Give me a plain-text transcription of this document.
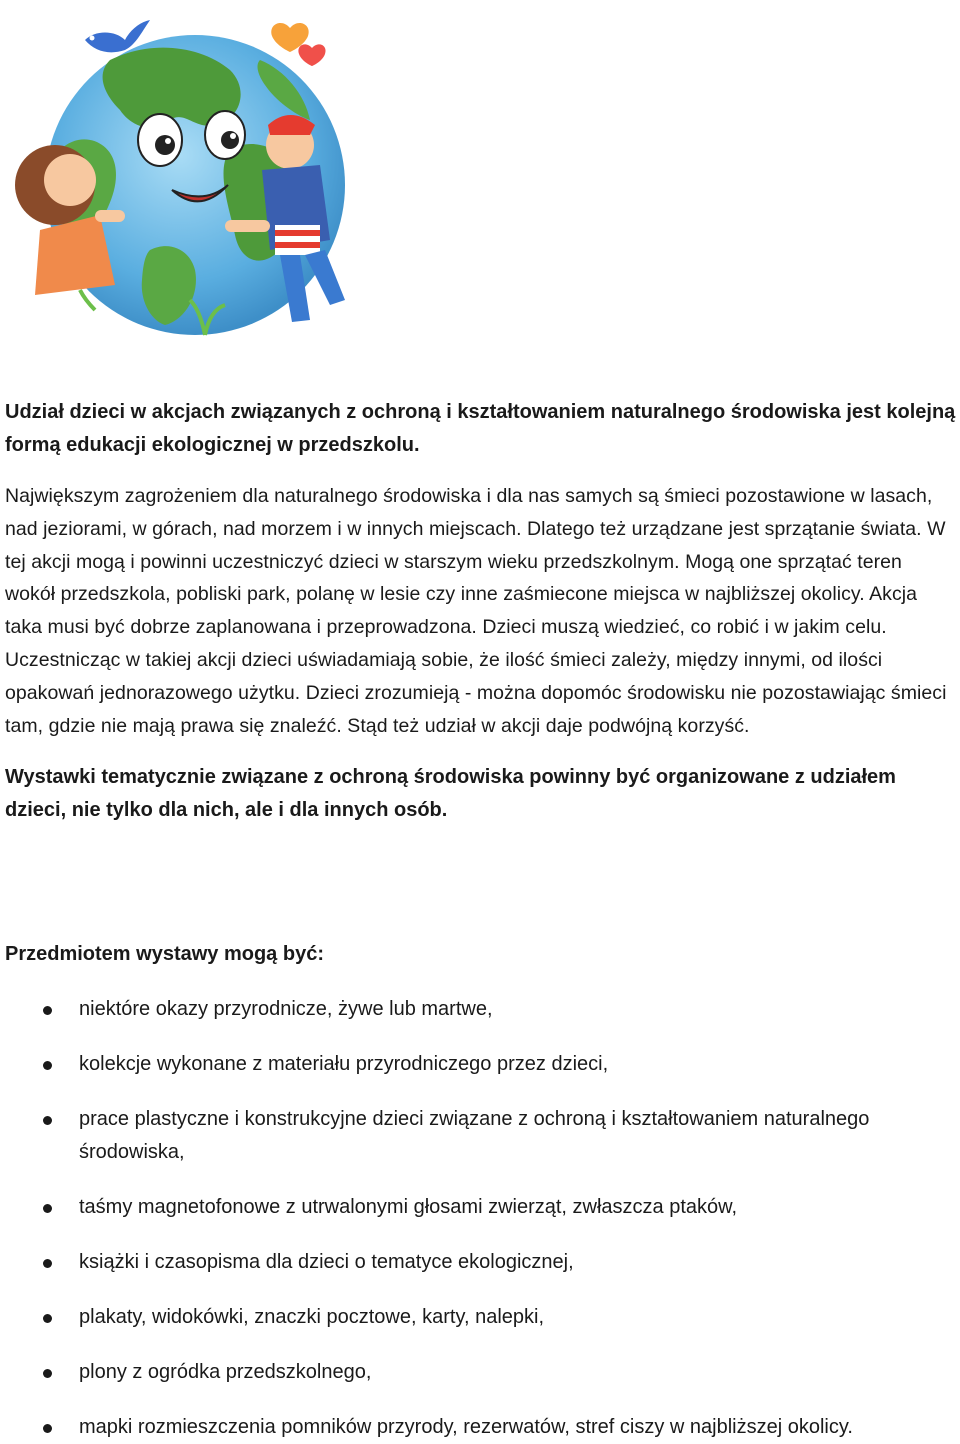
Udział dzieci w akcjach związanych z ochroną i kształtowaniem naturalnego środowiska jest kolejną formą edukacji ekologicznej w przedszkolu.

Największym zagrożeniem dla naturalnego środowiska i dla nas samych są śmieci pozostawione w lasach, nad jeziorami, w górach, nad morzem i w innych miejscach. Dlatego też urządzane jest sprzątanie świata. W tej akcji mogą i powinni uczestniczyć dzieci w starszym wieku przedszkolnym. Mogą one sprzątać teren wokół przedszkola, pobliski park, polanę w lesie czy inne zaśmiecone miejsca w najbliższej okolicy. Akcja taka musi być dobrze zaplanowana i przeprowadzona. Dzieci muszą wiedzieć, co robić i w jakim celu. Uczestnicząc w takiej akcji dzieci uświadamiają sobie, że ilość śmieci zależy, między innymi, od ilości opakowań jednorazowego użytku. Dzieci zrozumieją - można dopomóc środowisku nie pozostawiając śmieci tam, gdzie nie mają prawa się znaleźć. Stąd też udział w akcji daje podwójną korzyść.

Wystawki tematycznie związane z ochroną środowiska powinny być organizowane z udziałem dzieci, nie tylko dla nich, ale i dla innych osób.

Przedmiotem wystawy mogą być:

niektóre okazy przyrodnicze, żywe lub martwe,
kolekcje wykonane z materiału przyrodniczego przez dzieci,
prace plastyczne i konstrukcyjne dzieci związane z ochroną i kształtowaniem naturalnego środowiska,
taśmy magnetofonowe z utrwalonymi głosami zwierząt, zwłaszcza ptaków,
książki i czasopisma dla dzieci o tematyce ekologicznej,
plakaty, widokówki, znaczki pocztowe, karty, nalepki,
plony z ogródka przedszkolnego,
mapki rozmieszczenia pomników przyrody, rezerwatów, stref ciszy w najbliższej okolicy.
